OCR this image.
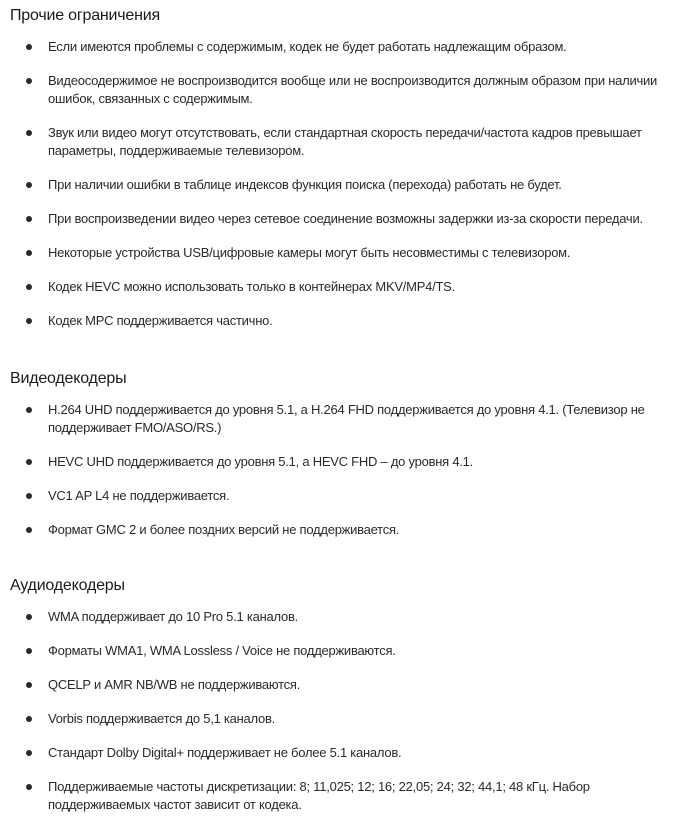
Прочие ограничения
Если имеются проблемы с содержимым, кодек не будет работать надлежащим образом.
Видеосодержимое не воспроизводится вообще или не воспроизводится должным образом при наличии ошибок, связанных с содержимым.
Звук или видео могут отсутствовать, если стандартная скорость передачи/частота кадров превышает параметры, поддерживаемые телевизором.
При наличии ошибки в таблице индексов функция поиска (перехода) работать не будет.
При воспроизведении видео через сетевое соединение возможны задержки из-за скорости передачи.
Некоторые устройства USB/цифровые камеры могут быть несовместимы с телевизором.
Кодек HEVC можно использовать только в контейнерах MKV/MP4/TS.
Кодек MPC поддерживается частично.
Видеодекодеры
H.264 UHD поддерживается до уровня 5.1, а H.264 FHD поддерживается до уровня 4.1. (Телевизор не поддерживает FMO/ASO/RS.)
HEVC UHD поддерживается до уровня 5.1, а HEVC FHD – до уровня 4.1.
VC1 AP L4 не поддерживается.
Формат GMC 2 и более поздних версий не поддерживается.
Аудиодекодеры
WMA поддерживает до 10 Pro 5.1 каналов.
Форматы WMA1, WMA Lossless / Voice не поддерживаются.
QCELP и AMR NB/WB не поддерживаются.
Vorbis поддерживается до 5,1 каналов.
Стандарт Dolby Digital+ поддерживает не более 5.1 каналов.
Поддерживаемые частоты дискретизации: 8; 11,025; 12; 16; 22,05; 24; 32; 44,1; 48 кГц. Набор поддерживаемых частот зависит от кодека.
